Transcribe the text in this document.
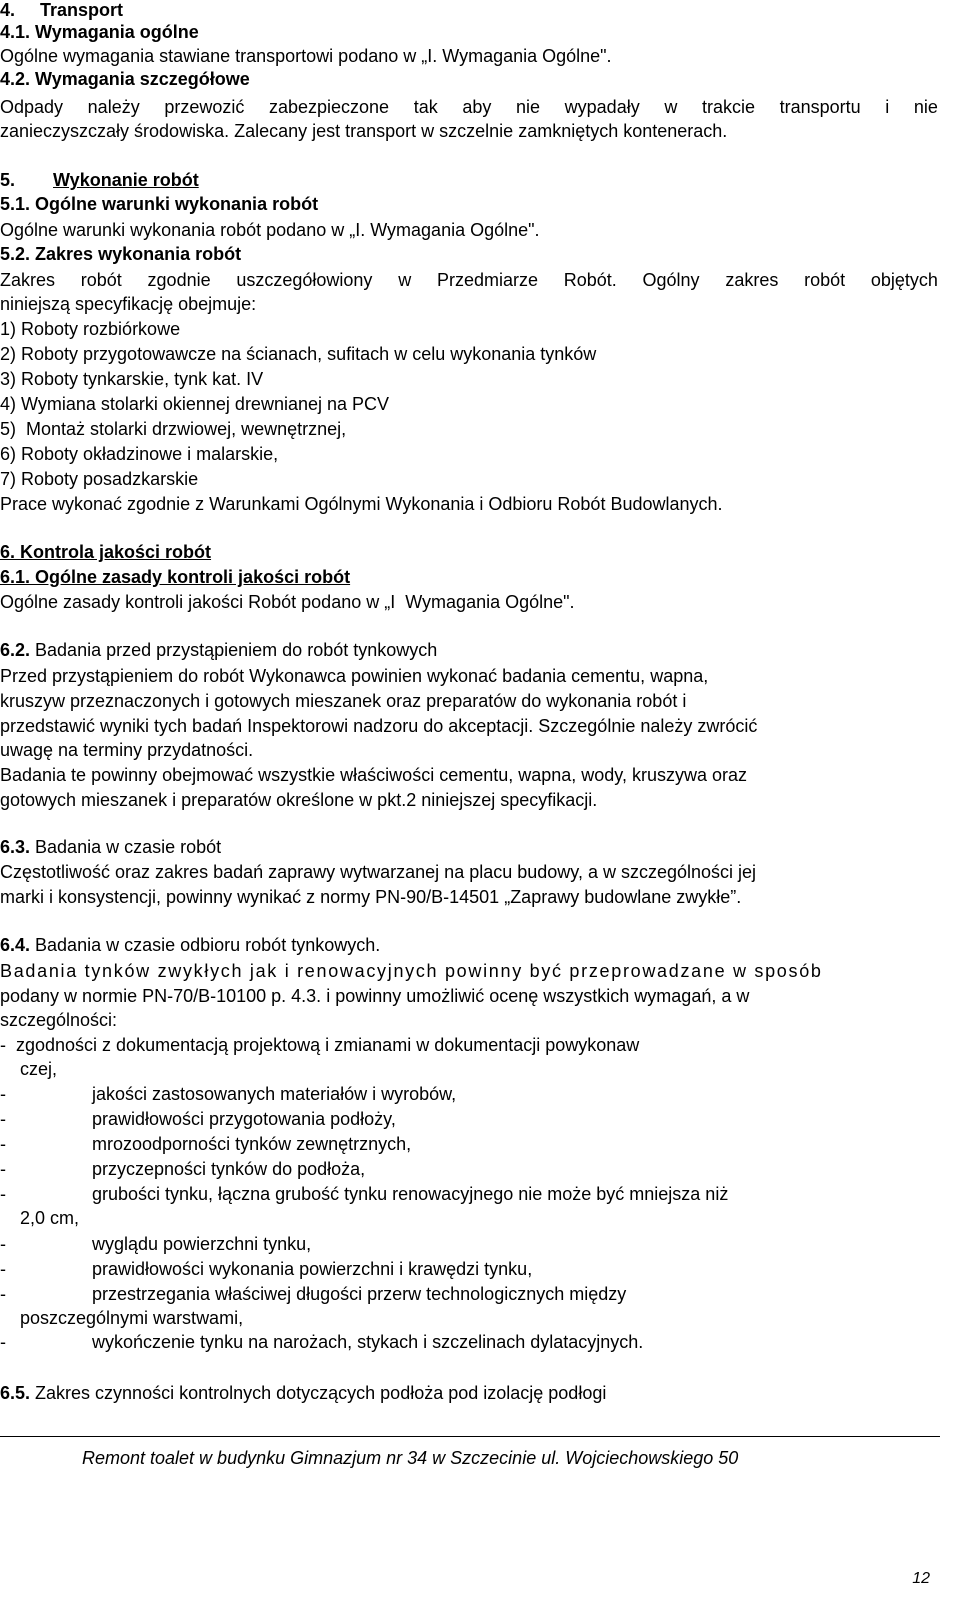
4.     Transport
4.1. Wymagania ogólne
Ogólne wymagania stawiane transportowi podano w „I. Wymagania Ogólne".
4.2. Wymagania szczegółowe
Odpady należy przewozić zabezpieczone tak aby nie wypadały w trakcie transportu i nie
zanieczyszczały środowiska. Zalecany jest transport w szczelnie zamkniętych kontenerach.
5. Wykonanie robót
5.1. Ogólne warunki wykonania robót
Ogólne warunki wykonania robót podano w „I. Wymagania Ogólne".
5.2. Zakres wykonania robót
Zakres robót zgodnie uszczegółowiony w Przedmiarze Robót. Ogólny zakres robót objętych
niniejszą specyfikację obejmuje:
1) Roboty rozbiórkowe
2) Roboty przygotowawcze na ścianach, sufitach w celu wykonania tynków
3) Roboty tynkarskie, tynk kat. IV
4) Wymiana stolarki okiennej drewnianej na PCV
5)  Montaż stolarki drzwiowej, wewnętrznej,
6) Roboty okładzinowe i malarskie,
7) Roboty posadzkarskie
Prace wykonać zgodnie z Warunkami Ogólnymi Wykonania i Odbioru Robót Budowlanych.
6. Kontrola jakości robót
6.1. Ogólne zasady kontroli jakości robót
Ogólne zasady kontroli jakości Robót podano w „I  Wymagania Ogólne".
6.2. Badania przed przystąpieniem do robót tynkowych
Przed przystąpieniem do robót Wykonawca powinien wykonać badania cementu, wapna,
kruszyw przeznaczonych i gotowych mieszanek oraz preparatów do wykonania robót i
przedstawić wyniki tych badań Inspektorowi nadzoru do akceptacji. Szczególnie należy zwrócić
uwagę na terminy przydatności.
Badania te powinny obejmować wszystkie właściwości cementu, wapna, wody, kruszywa oraz
gotowych mieszanek i preparatów określone w pkt.2 niniejszej specyfikacji.
6.3. Badania w czasie robót
Częstotliwość oraz zakres badań zaprawy wytwarzanej na placu budowy, a w szczególności jej
marki i konsystencji, powinny wynikać z normy PN-90/B-14501 „Zaprawy budowlane zwykłe”.
6.4. Badania w czasie odbioru robót tynkowych.
Badania tynków zwykłych jak i renowacyjnych powinny być przeprowadzane w sposób
podany w normie PN-70/B-10100 p. 4.3. i powinny umożliwić ocenę wszystkich wymagań, a w
szczególności:
-  zgodności z dokumentacją projektową i zmianami w dokumentacji powykonaw
czej,
-	jakości zastosowanych materiałów i wyrobów,
-	prawidłowości przygotowania podłoży,
-	mrozoodporności tynków zewnętrznych,
-	przyczepności tynków do podłoża,
-	grubości tynku, łączna grubość tynku renowacyjnego nie może być mniejsza niż
2,0 cm,
-	wyglądu powierzchni tynku,
-	prawidłowości wykonania powierzchni i krawędzi tynku,
-	przestrzegania właściwej długości przerw technologicznych między
poszczególnymi warstwami,
-	wykończenie tynku na narożach, stykach i szczelinach dylatacyjnych.
6.5. Zakres czynności kontrolnych dotyczących podłoża pod izolację podłogi
Remont toalet w budynku Gimnazjum nr 34 w Szczecinie ul. Wojciechowskiego 50
12
